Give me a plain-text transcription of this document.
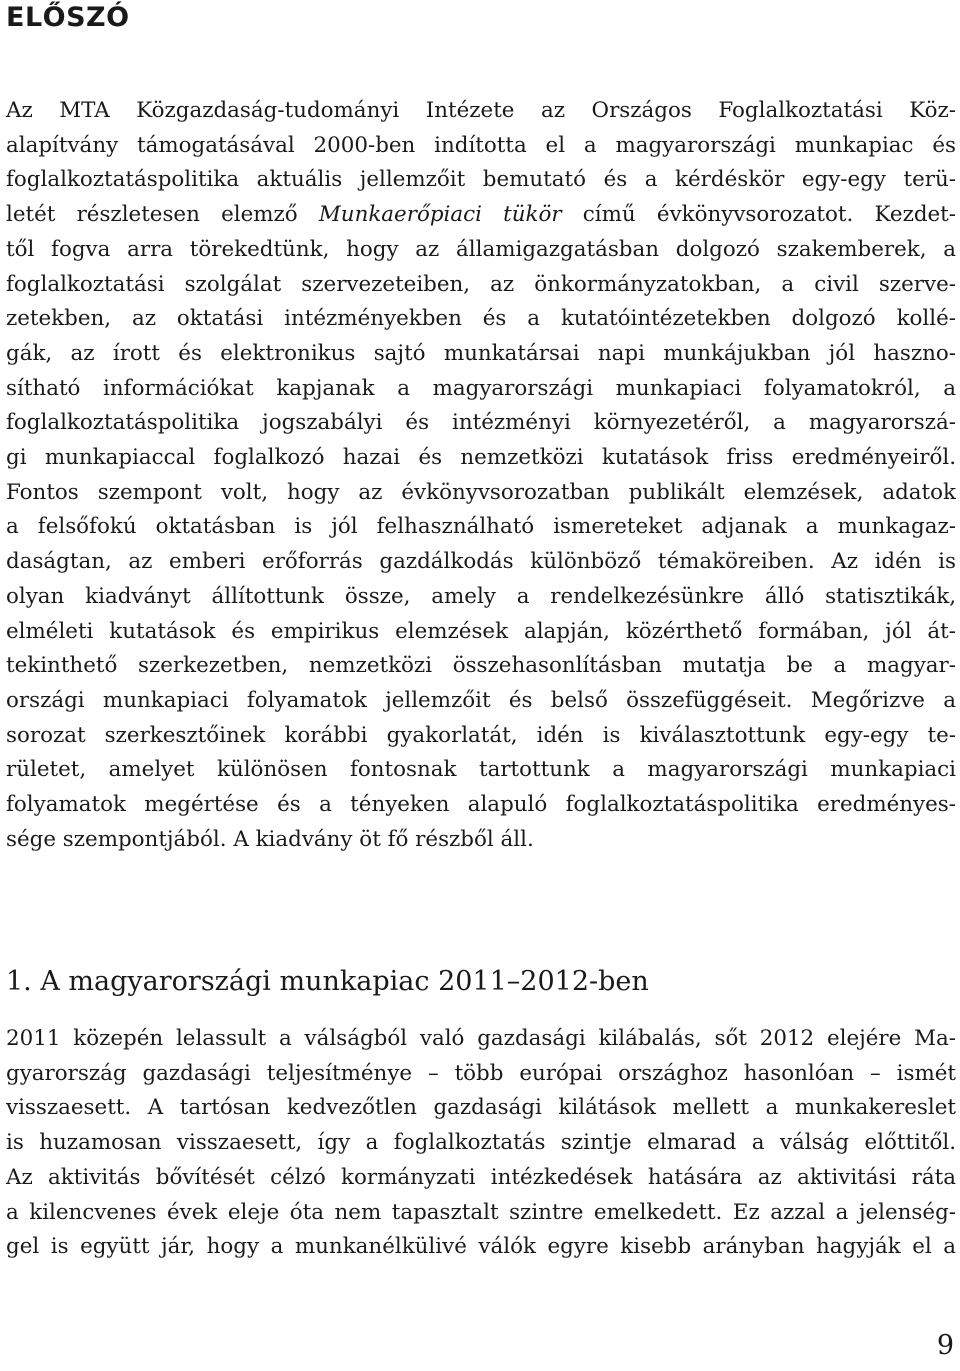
ELŐSZÓ
Az MTA Közgazdaság-tudományi Intézete az Országos Foglalkoztatási Köz-
alapítvány támogatásával 2000-ben indította el a magyarországi munkapiac és
foglalkoztatáspolitika aktuális jellemzőit bemutató és a kérdéskör egy-egy terü-
letét részletesen elemző Munkaerőpiaci tükör című évkönyvsorozatot. Kezdet-
től fogva arra törekedtünk, hogy az államigazgatásban dolgozó szakemberek, a
foglalkoztatási szolgálat szervezeteiben, az önkormányzatokban, a civil szerve-
zetekben, az oktatási intézményekben és a kutatóintézetekben dolgozó kollé-
gák, az írott és elektronikus sajtó munkatársai napi munkájukban jól haszno-
sítható információkat kapjanak a magyarországi munkapiaci folyamatokról, a
foglalkoztatáspolitika jogszabályi és intézményi környezetéről, a magyarorszá-
gi munkapiaccal foglalkozó hazai és nemzetközi kutatások friss eredményeiről.
Fontos szempont volt, hogy az évkönyvsorozatban publikált elemzések, adatok
a felsőfokú oktatásban is jól felhasználható ismereteket adjanak a munkagaz-
daságtan, az emberi erőforrás gazdálkodás különböző témaköreiben. Az idén is
olyan kiadványt állítottunk össze, amely a rendelkezésünkre álló statisztikák,
elméleti kutatások és empirikus elemzések alapján, közérthető formában, jól át-
tekinthető szerkezetben, nemzetközi összehasonlításban mutatja be a magyar-
országi munkapiaci folyamatok jellemzőit és belső összefüggéseit. Megőrizve a
sorozat szerkesztőinek korábbi gyakorlatát, idén is kiválasztottunk egy-egy te-
rületet, amelyet különösen fontosnak tartottunk a magyarországi munkapiaci
folyamatok megértése és a tényeken alapuló foglalkoztatáspolitika eredményes-
sége szempontjából. A kiadvány öt fő részből áll.
1. A magyarországi munkapiac 2011–2012-ben
2011 közepén lelassult a válságból való gazdasági kilábalás, sőt 2012 elejére Ma-
gyarország gazdasági teljesítménye – több európai országhoz hasonlóan – ismét
visszaesett. A tartósan kedvezőtlen gazdasági kilátások mellett a munkakereslet
is huzamosan visszaesett, így a foglalkoztatás szintje elmarad a válság előttitől.
Az aktivitás bővítését célzó kormányzati intézkedések hatására az aktivitási ráta
a kilencvenes évek eleje óta nem tapasztalt szintre emelkedett. Ez azzal a jelenség-
gel is együtt jár, hogy a munkanélkülivé válók egyre kisebb arányban hagyják el a
9
